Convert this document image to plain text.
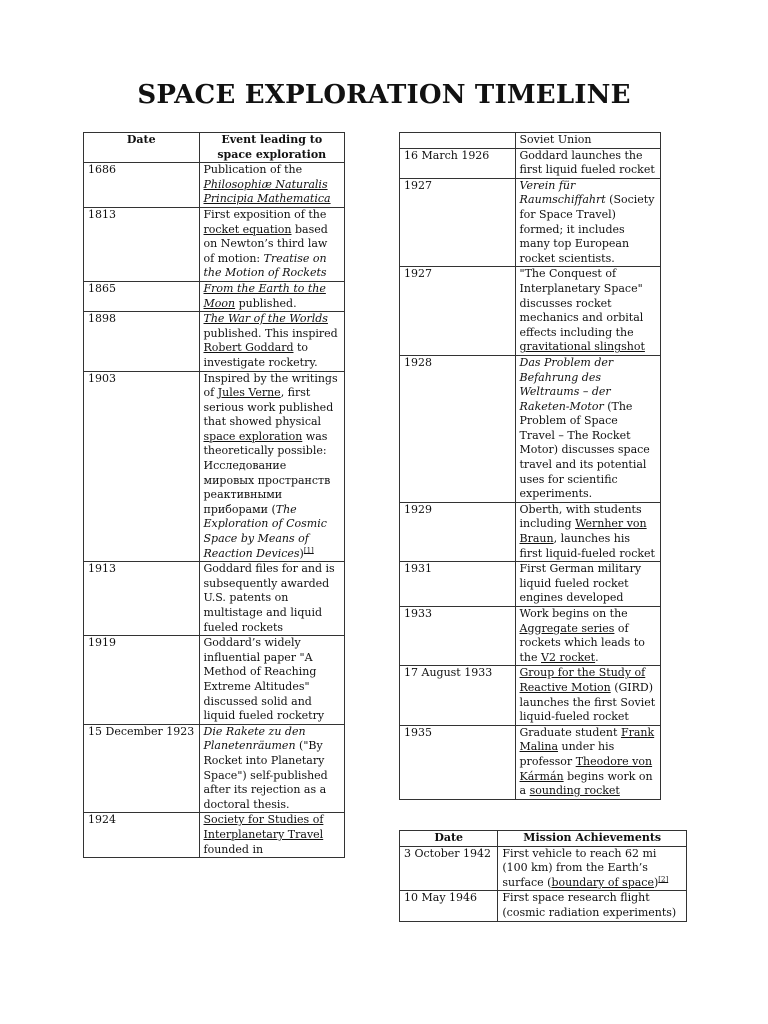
SPACE EXPLORATION TIMELINE
Date	Event leading to space exploration
1686	Publication of the Philosophiæ Naturalis Principia Mathematica
1813	First exposition of the rocket equation based on Newton’s third law of motion: Treatise on the Motion of Rockets
1865	From the Earth to the Moon published.
1898	The War of the Worlds published. This inspired Robert Goddard to investigate rocketry.
1903	Inspired by the writings of Jules Verne, first serious work published that showed physical space exploration was theoretically possible: Исследование мировых пространств реактивными приборами (The Exploration of Cosmic Space by Means of Reaction Devices)[1]
1913	Goddard files for and is subsequently awarded U.S. patents on multistage and liquid fueled rockets
1919	Goddard’s widely influential paper "A Method of Reaching Extreme Altitudes" discussed solid and liquid fueled rocketry
15 December 1923	Die Rakete zu den Planetenräumen ("By Rocket into Planetary Space") self-published after its rejection as a doctoral thesis.
1924	Society for Studies of Interplanetary Travel founded in
	Soviet Union
16 March 1926	Goddard launches the first liquid fueled rocket
1927	Verein für Raumschiffahrt (Society for Space Travel) formed; it includes many top European rocket scientists.
1927	"The Conquest of Interplanetary Space" discusses rocket mechanics and orbital effects including the gravitational slingshot
1928	Das Problem der Befahrung des Weltraums – der Raketen-Motor (The Problem of Space Travel – The Rocket Motor) discusses space travel and its potential uses for scientific experiments.
1929	Oberth, with students including Wernher von Braun, launches his first liquid-fueled rocket
1931	First German military liquid fueled rocket engines developed
1933	Work begins on the Aggregate series of rockets which leads to the V2 rocket.
17 August 1933	Group for the Study of Reactive Motion (GIRD) launches the first Soviet liquid-fueled rocket
1935	Graduate student Frank Malina under his professor Theodore von Kármán begins work on a sounding rocket
Date	Mission Achievements
3 October 1942	First vehicle to reach 62 mi (100 km) from the Earth’s surface (boundary of space)[2]
10 May 1946	First space research flight (cosmic radiation experiments)
